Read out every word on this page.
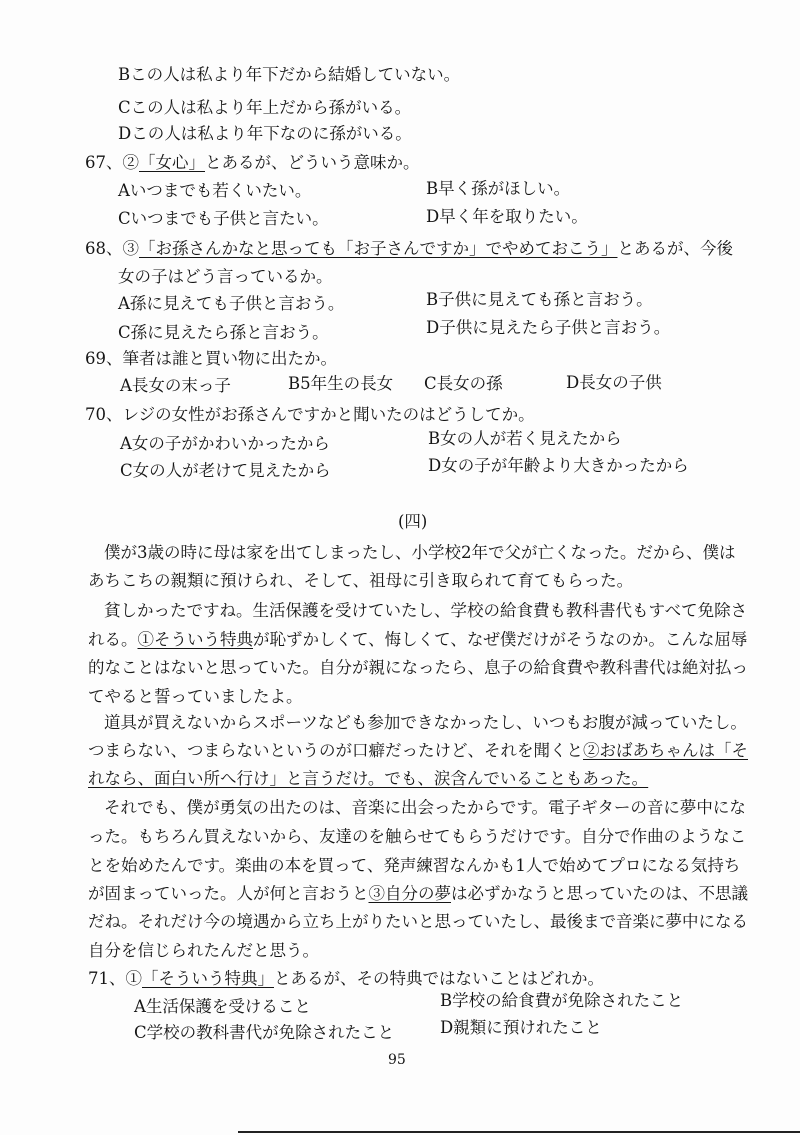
Bこの人は私より年下だから結婚していない。
Cこの人は私より年上だから孫がいる。
Dこの人は私より年下なのに孫がいる。
67、②「女心」とあるが、どういう意味か。
Aいつまでも若くいたい。	B早く孫がほしい。
Cいつまでも子供と言たい。	D早く年を取りたい。
68、③「お孫さんかなと思っても「お子さんですか」でやめておこう」とあるが、今後
女の子はどう言っているか。
A孫に見えても子供と言おう。	B子供に見えても孫と言おう。
C孫に見えたら孫と言おう。	D子供に見えたら子供と言おう。
69、筆者は誰と買い物に出たか。
A長女の末っ子	B5年生の長女 C長女の孫	D長女の子供
70、レジの女性がお孫さんですかと聞いたのはどうしてか。
A女の子がかわいかったから	B女の人が若く見えたから
C女の人が老けて見えたから	D女の子が年齢より大きかったから
(四)
僕が3歳の時に母は家を出てしまったし、小学校2年で父が亡くなった。だから、僕は
あちこちの親類に預けられ、そして、祖母に引き取られて育てもらった。
貧しかったですね。生活保護を受けていたし、学校の給食費も教科書代もすべて免除さ
れる。①そういう特典が恥ずかしくて、悔しくて、なぜ僕だけがそうなのか。こんな屈辱
的なことはないと思っていた。自分が親になったら、息子の給食費や教科書代は絶対払っ
てやると誓っていましたよ。
道具が買えないからスポーツなども参加できなかったし、いつもお腹が減っていたし。
つまらない、つまらないというのが口癖だったけど、それを聞くと②おばあちゃんは「そ
れなら、面白い所へ行け」と言うだけ。でも、涙含んでいることもあった。
それでも、僕が勇気の出たのは、音楽に出会ったからです。電子ギターの音に夢中にな
った。もちろん買えないから、友達のを触らせてもらうだけです。自分で作曲のようなこ
とを始めたんです。楽曲の本を買って、発声練習なんかも1人で始めてプロになる気持ち
が固まっていった。人が何と言おうと③自分の夢は必ずかなうと思っていたのは、不思議
だね。それだけ今の境遇から立ち上がりたいと思っていたし、最後まで音楽に夢中になる
自分を信じられたんだと思う。
71、①「そういう特典」とあるが、その特典ではないことはどれか。
A生活保護を受けること	B学校の給食費が免除されたこと
C学校の教科書代が免除されたこと	D親類に預けれたこと
95
